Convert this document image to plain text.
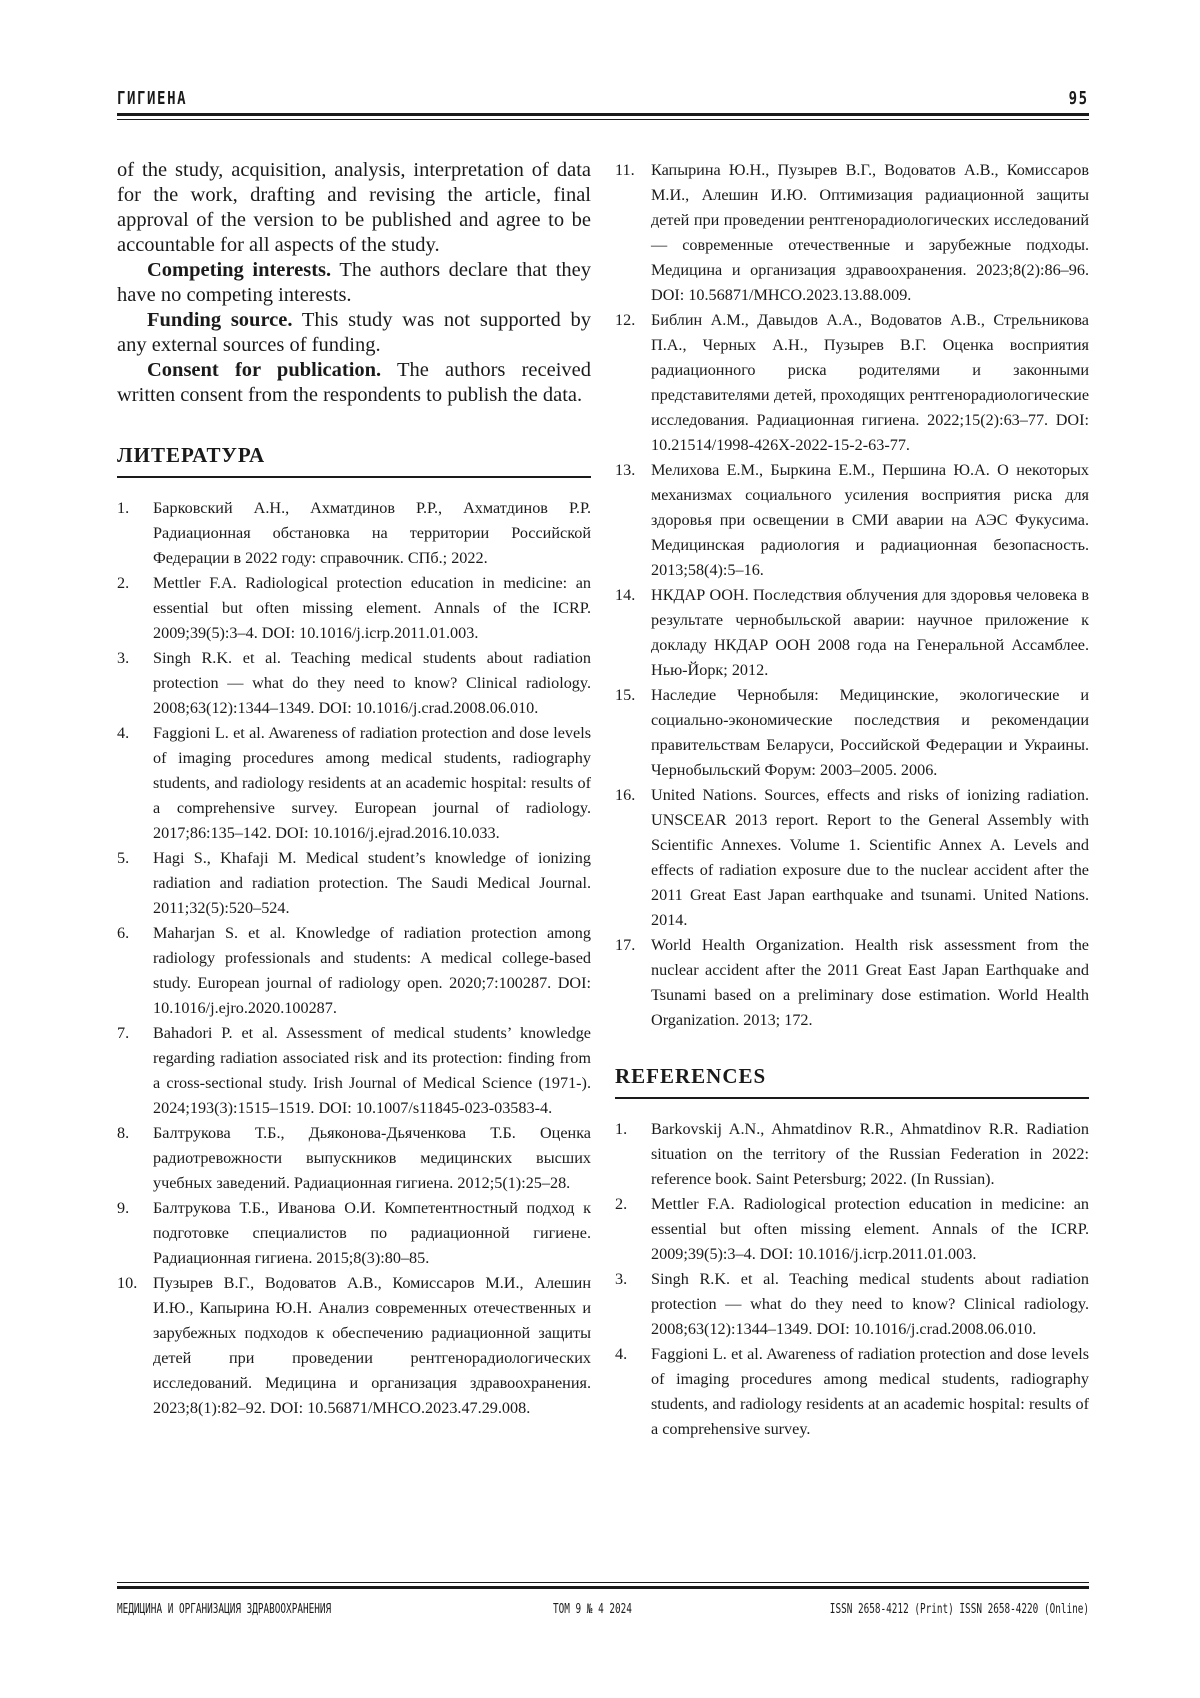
ГИГИЕНА	95

of the study, acquisition, analysis, interpretation of data for the work, drafting and revising the article, final approval of the version to be published and agree to be accountable for all aspects of the study.

Competing interests. The authors declare that they have no competing interests.

Funding source. This study was not supported by any external sources of funding.

Consent for publication. The authors received written consent from the respondents to publish the data.

ЛИТЕРАТУРА
1. Барковский А.Н., Ахматдинов Р.Р., Ахматдинов Р.Р. Радиационная обстановка на территории Российской Федерации в 2022 году: справочник. СПб.; 2022.
2. Mettler F.A. Radiological protection education in medicine: an essential but often missing element. Annals of the ICRP. 2009;39(5):3–4. DOI: 10.1016/j.icrp.2011.01.003.
3. Singh R.K. et al. Teaching medical students about radiation protection — what do they need to know? Clinical radiology. 2008;63(12):1344–1349. DOI: 10.1016/j.crad.2008.06.010.
4. Faggioni L. et al. Awareness of radiation protection and dose levels of imaging procedures among medical students, radiography students, and radiology residents at an academic hospital: results of a comprehensive survey. European journal of radiology. 2017;86:135–142. DOI: 10.1016/j.ejrad.2016.10.033.
5. Hagi S., Khafaji M. Medical student’s knowledge of ionizing radiation and radiation protection. The Saudi Medical Journal. 2011;32(5):520–524.
6. Maharjan S. et al. Knowledge of radiation protection among radiology professionals and students: A medical college-based study. European journal of radiology open. 2020;7:100287. DOI: 10.1016/j.ejro.2020.100287.
7. Bahadori P. et al. Assessment of medical students’ knowledge regarding radiation associated risk and its protection: finding from a cross-sectional study. Irish Journal of Medical Science (1971-). 2024;193(3):1515–1519. DOI: 10.1007/s11845-023-03583-4.
8. Балтрукова Т.Б., Дьяконова-Дьяченкова Т.Б. Оценка радиотревожности выпускников медицинских высших учебных заведений. Радиационная гигиена. 2012;5(1):25–28.
9. Балтрукова Т.Б., Иванова О.И. Компетентностный подход к подготовке специалистов по радиационной гигиене. Радиационная гигиена. 2015;8(3):80–85.
10. Пузырев В.Г., Водоватов А.В., Комиссаров М.И., Алешин И.Ю., Капырина Ю.Н. Анализ современных отечественных и зарубежных подходов к обеспечению радиационной защиты детей при проведении рентгенорадиологических исследований. Медицина и организация здравоохранения. 2023;8(1):82–92. DOI: 10.56871/MHCO.2023.47.29.008.
11. Капырина Ю.Н., Пузырев В.Г., Водоватов А.В., Комиссаров М.И., Алешин И.Ю. Оптимизация радиационной защиты детей при проведении рентгенорадиологических исследований — современные отечественные и зарубежные подходы. Медицина и организация здравоохранения. 2023;8(2):86–96. DOI: 10.56871/MHCO.2023.13.88.009.
12. Библин А.М., Давыдов А.А., Водоватов А.В., Стрельникова П.А., Черных А.Н., Пузырев В.Г. Оценка восприятия радиационного риска родителями и законными представителями детей, проходящих рентгенорадиологические исследования. Радиационная гигиена. 2022;15(2):63–77. DOI: 10.21514/1998-426X-2022-15-2-63-77.
13. Мелихова Е.М., Быркина Е.М., Першина Ю.А. О некоторых механизмах социального усиления восприятия риска для здоровья при освещении в СМИ аварии на АЭС Фукусима. Медицинская радиология и радиационная безопасность. 2013;58(4):5–16.
14. НКДАР ООН. Последствия облучения для здоровья человека в результате чернобыльской аварии: научное приложение к докладу НКДАР ООН 2008 года на Генеральной Ассамблее. Нью-Йорк; 2012.
15. Наследие Чернобыля: Медицинские, экологические и социально-экономические последствия и рекомендации правительствам Беларуси, Российской Федерации и Украины. Чернобыльский Форум: 2003–2005. 2006.
16. United Nations. Sources, effects and risks of ionizing radiation. UNSCEAR 2013 report. Report to the General Assembly with Scientific Annexes. Volume 1. Scientific Annex A. Levels and effects of radiation exposure due to the nuclear accident after the 2011 Great East Japan earthquake and tsunami. United Nations. 2014.
17. World Health Organization. Health risk assessment from the nuclear accident after the 2011 Great East Japan Earthquake and Tsunami based on a preliminary dose estimation. World Health Organization. 2013; 172.
REFERENCES
1. Barkovskij A.N., Ahmatdinov R.R., Ahmatdinov R.R. Radiation situation on the territory of the Russian Federation in 2022: reference book. Saint Petersburg; 2022. (In Russian).
2. Mettler F.A. Radiological protection education in medicine: an essential but often missing element. Annals of the ICRP. 2009;39(5):3–4. DOI: 10.1016/j.icrp.2011.01.003.
3. Singh R.K. et al. Teaching medical students about radiation protection — what do they need to know? Clinical radiology. 2008;63(12):1344–1349. DOI: 10.1016/j.crad.2008.06.010.
4. Faggioni L. et al. Awareness of radiation protection and dose levels of imaging procedures among medical students, radiography students, and radiology residents at an academic hospital: results of a comprehensive survey.
МЕДИЦИНА И ОРГАНИЗАЦИЯ ЗДРАВООХРАНЕНИЯ	ТОМ 9 № 4 2024	ISSN 2658-4212 (Print) ISSN 2658-4220 (Online)
